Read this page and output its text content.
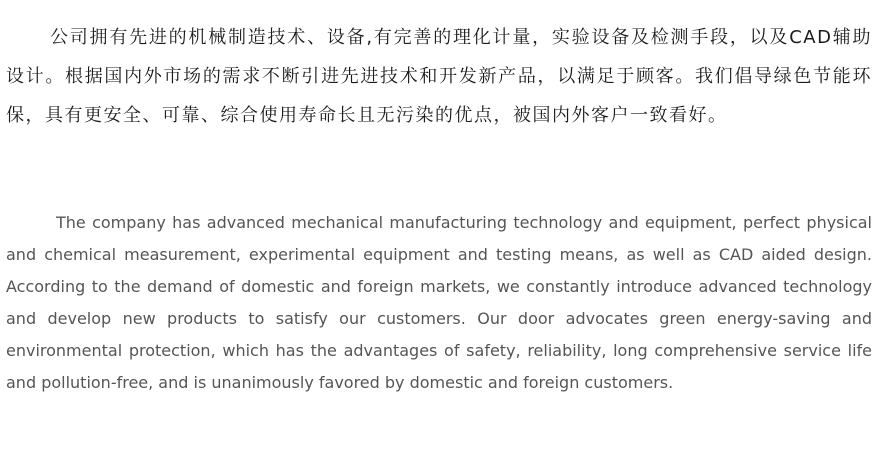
公司拥有先进的机械制造技术、设备,有完善的理化计量，实验设备及检测手段，以及CAD辅助设计。根据国内外市场的需求不断引进先进技术和开发新产品，以满足于顾客。我们倡导绿色节能环保，具有更安全、可靠、综合使用寿命长且无污染的优点，被国内外客户一致看好。

The company has advanced mechanical manufacturing technology and equipment, perfect physical and chemical measurement, experimental equipment and testing means, as well as CAD aided design. According to the demand of domestic and foreign markets, we constantly introduce advanced technology and develop new products to satisfy our customers. Our door advocates green energy-saving and environmental protection, which has the advantages of safety, reliability, long comprehensive service life and pollution-free, and is unanimously favored by domestic and foreign customers.
